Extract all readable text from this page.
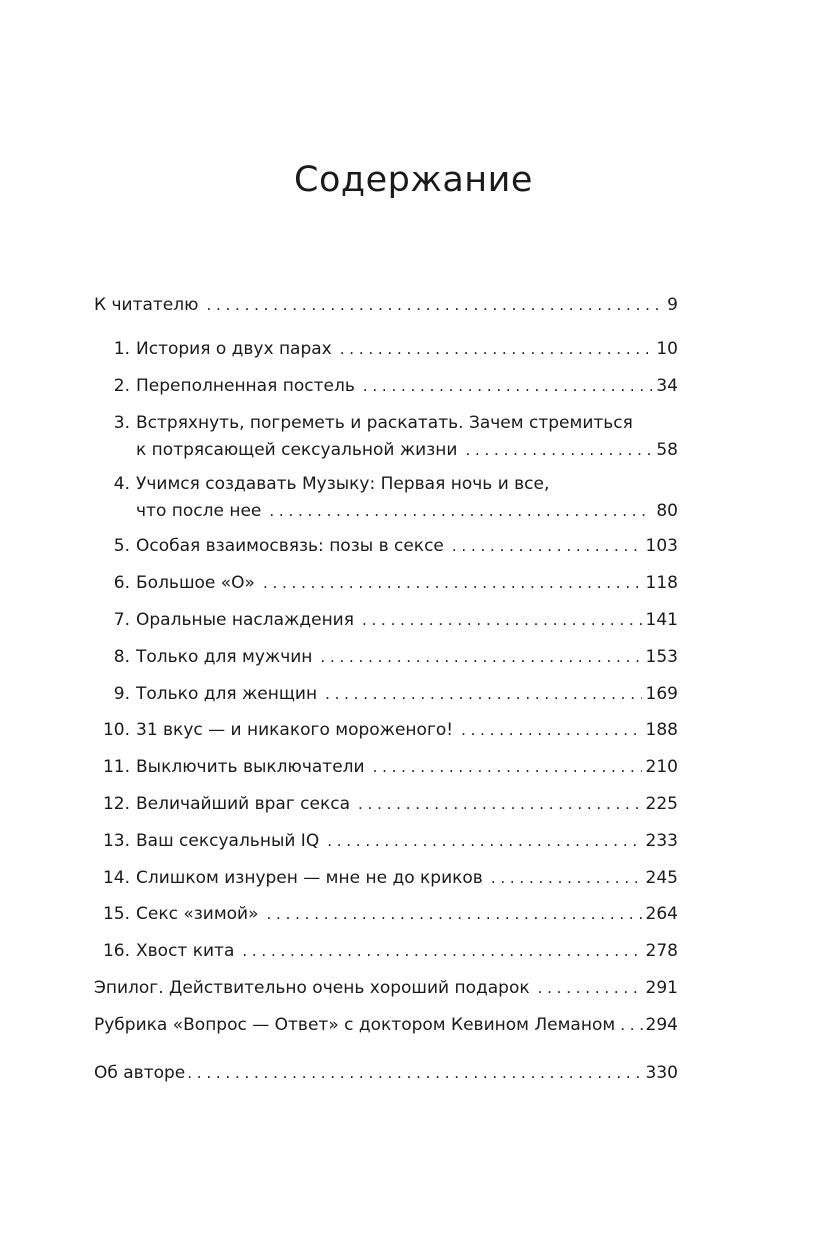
Содержание
К читателю . . .	9
1. История о двух парах . . .	10
2. Переполненная постель . . .	34
3. Встряхнуть, погреметь и раскатать. Зачем стремиться
к потрясающей сексуальной жизни . . .	58
4. Учимся создавать Музыку: Первая ночь и все,
что после нее . . .	80
5. Особая взаимосвязь: позы в сексе . . .	103
6. Большое «О» . . .	118
7. Оральные наслаждения . . .	141
8. Только для мужчин . . .	153
9. Только для женщин . . .	169
10. 31 вкус — и никакого мороженого! . . .	188
11. Выключить выключатели . . .	210
12. Величайший враг секса . . .	225
13. Ваш сексуальный IQ . . .	233
14. Слишком изнурен — мне не до криков . . .	245
15. Секс «зимой» . . .	264
16. Хвост кита . . .	278
Эпилог. Действительно очень хороший подарок . . .	291
Рубрика «Вопрос — Ответ» с доктором Кевином Леманом . . . 294
Об авторе . . .	330
